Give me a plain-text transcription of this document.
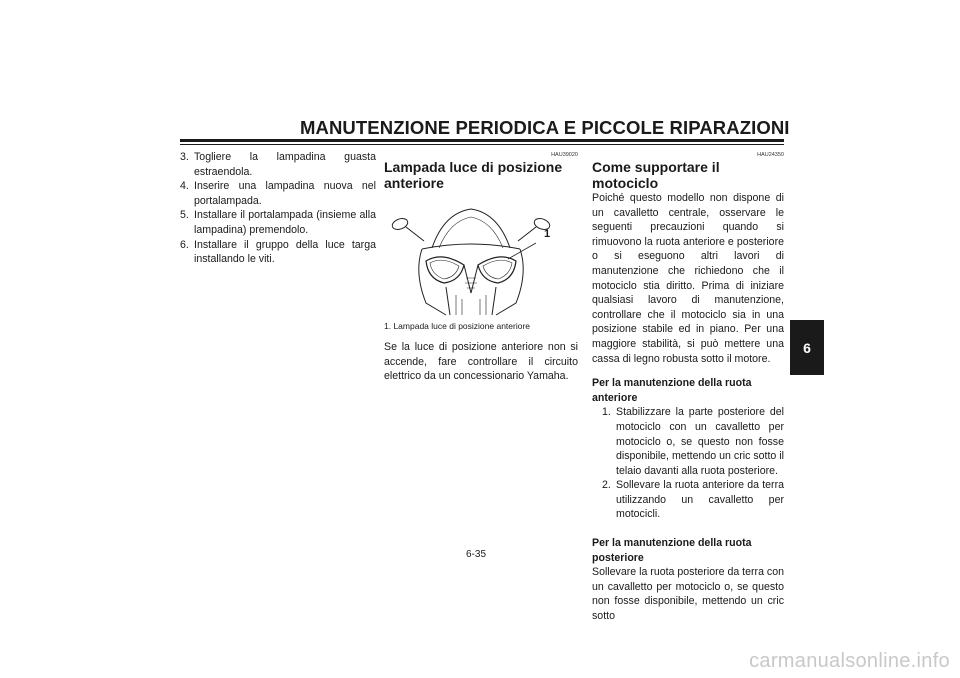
MANUTENZIONE PERIODICA E PICCOLE RIPARAZIONI
3. Togliere la lampadina guasta estraendola.
4. Inserire una lampadina nuova nel portalampada.
5. Installare il portalampada (insieme alla lampadina) premendolo.
6. Installare il gruppo della luce targa installando le viti.
HAU39020
Lampada luce di posizione anteriore
1
1. Lampada luce di posizione anteriore
Se la luce di posizione anteriore non si accende, fare controllare il circuito elettrico da un concessionario Yamaha.
HAU24350
Come supportare il motociclo
Poiché questo modello non dispone di un cavalletto centrale, osservare le seguenti precauzioni quando si rimuovono la ruota anteriore e posteriore o si eseguono altri lavori di manutenzione che richiedono che il motociclo stia diritto. Prima di iniziare qualsiasi lavoro di manutenzione, controllare che il motociclo sia in una posizione stabile ed in piano. Per una maggiore stabilità, si può mettere una cassa di legno robusta sotto il motore.
Per la manutenzione della ruota anteriore
1. Stabilizzare la parte posteriore del motociclo con un cavalletto per motociclo o, se questo non fosse disponibile, mettendo un cric sotto il telaio davanti alla ruota posteriore.
2. Sollevare la ruota anteriore da terra utilizzando un cavalletto per motocicli.
Per la manutenzione della ruota posteriore
Sollevare la ruota posteriore da terra con un cavalletto per motociclo o, se questo non fosse disponibile, mettendo un cric sotto
6-35
6
carmanualsonline.info
